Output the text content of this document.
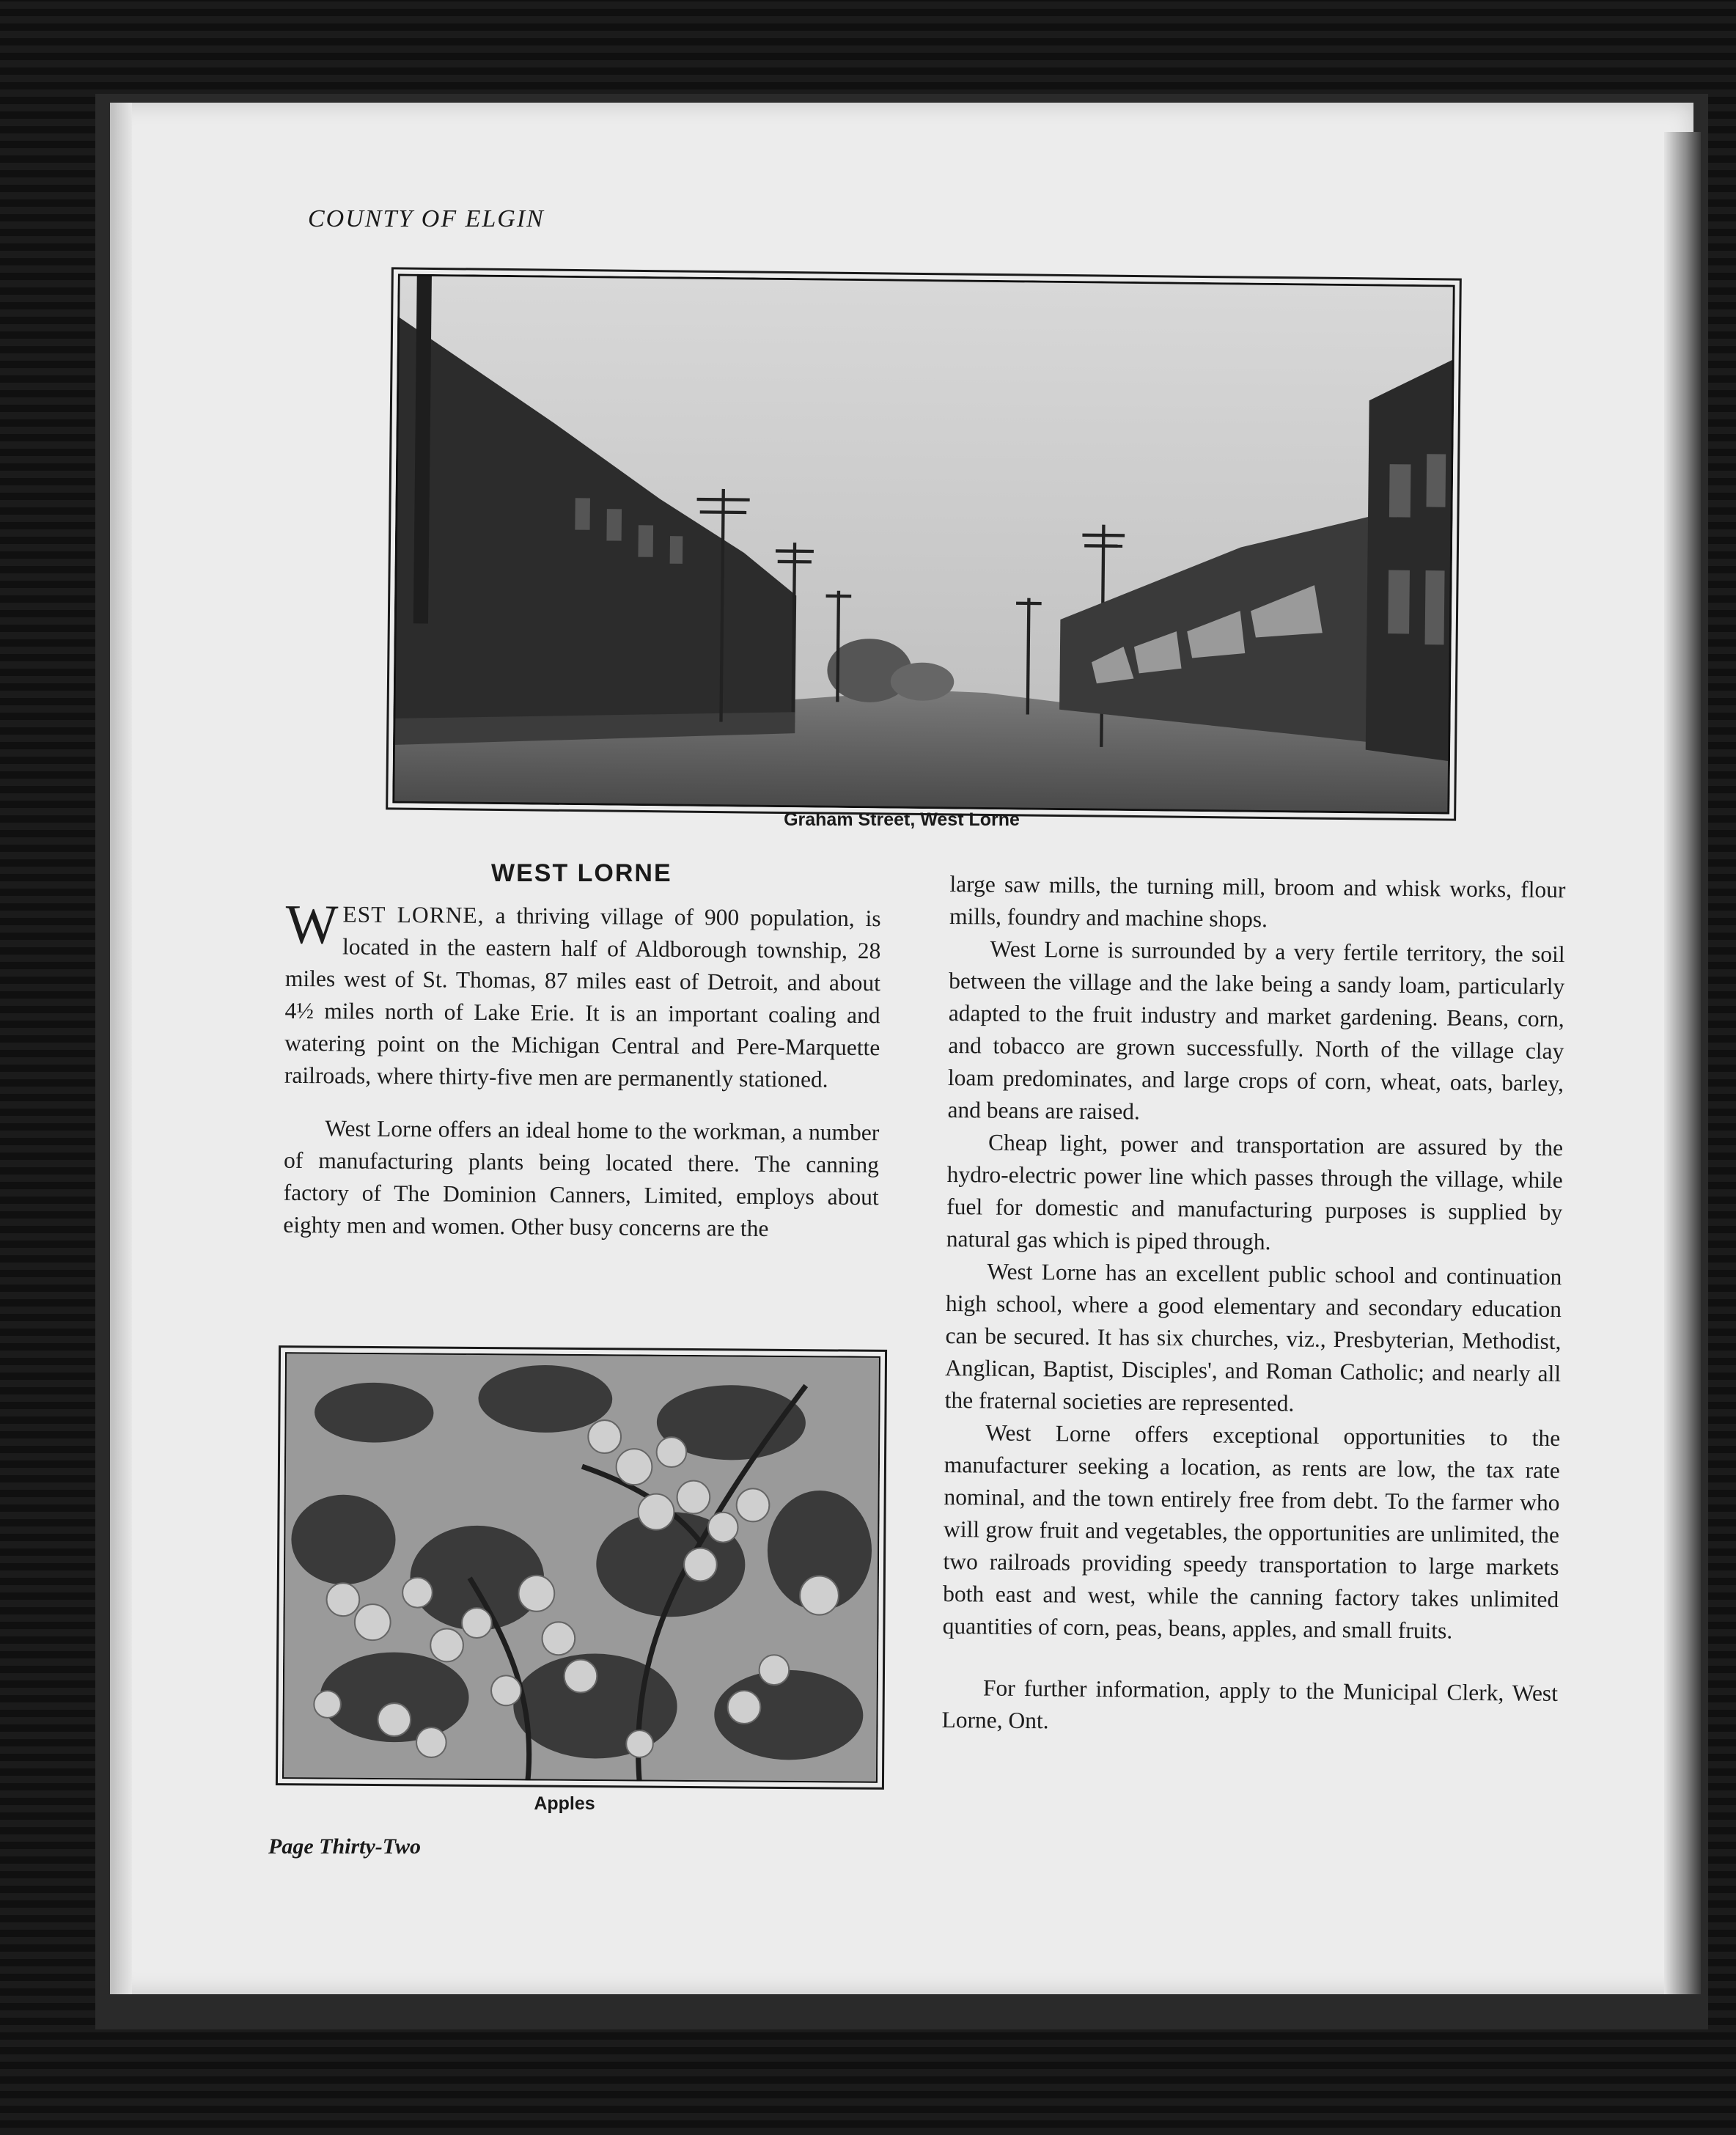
COUNTY OF ELGIN
Graham Street, West Lorne
WEST LORNE

WEST LORNE, a thriving village of 900 population, is located in the eastern half of Aldborough township, 28 miles west of St. Thomas, 87 miles east of Detroit, and about 4½ miles north of Lake Erie. It is an important coaling and watering point on the Michigan Central and Pere-Marquette railroads, where thirty-five men are permanently stationed.

West Lorne offers an ideal home to the workman, a number of manufacturing plants being located there. The canning factory of The Dominion Canners, Limited, employs about eighty men and women. Other busy concerns are the

Apples

large saw mills, the turning mill, broom and whisk works, flour mills, foundry and machine shops.

West Lorne is surrounded by a very fertile territory, the soil between the village and the lake being a sandy loam, particularly adapted to the fruit industry and market gardening. Beans, corn, and tobacco are grown successfully. North of the village clay loam predominates, and large crops of corn, wheat, oats, barley, and beans are raised.

Cheap light, power and transportation are assured by the hydro-electric power line which passes through the village, while fuel for domestic and manufacturing purposes is supplied by natural gas which is piped through.

West Lorne has an excellent public school and continuation high school, where a good elementary and secondary education can be secured. It has six churches, viz., Presbyterian, Methodist, Anglican, Baptist, Disciples', and Roman Catholic; and nearly all the fraternal societies are represented.

West Lorne offers exceptional opportunities to the manufacturer seeking a location, as rents are low, the tax rate nominal, and the town entirely free from debt. To the farmer who will grow fruit and vegetables, the opportunities are unlimited, the two railroads providing speedy transportation to large markets both east and west, while the canning factory takes unlimited quantities of corn, peas, beans, apples, and small fruits.

For further information, apply to the Municipal Clerk, West Lorne, Ont.

Page Thirty-Two
